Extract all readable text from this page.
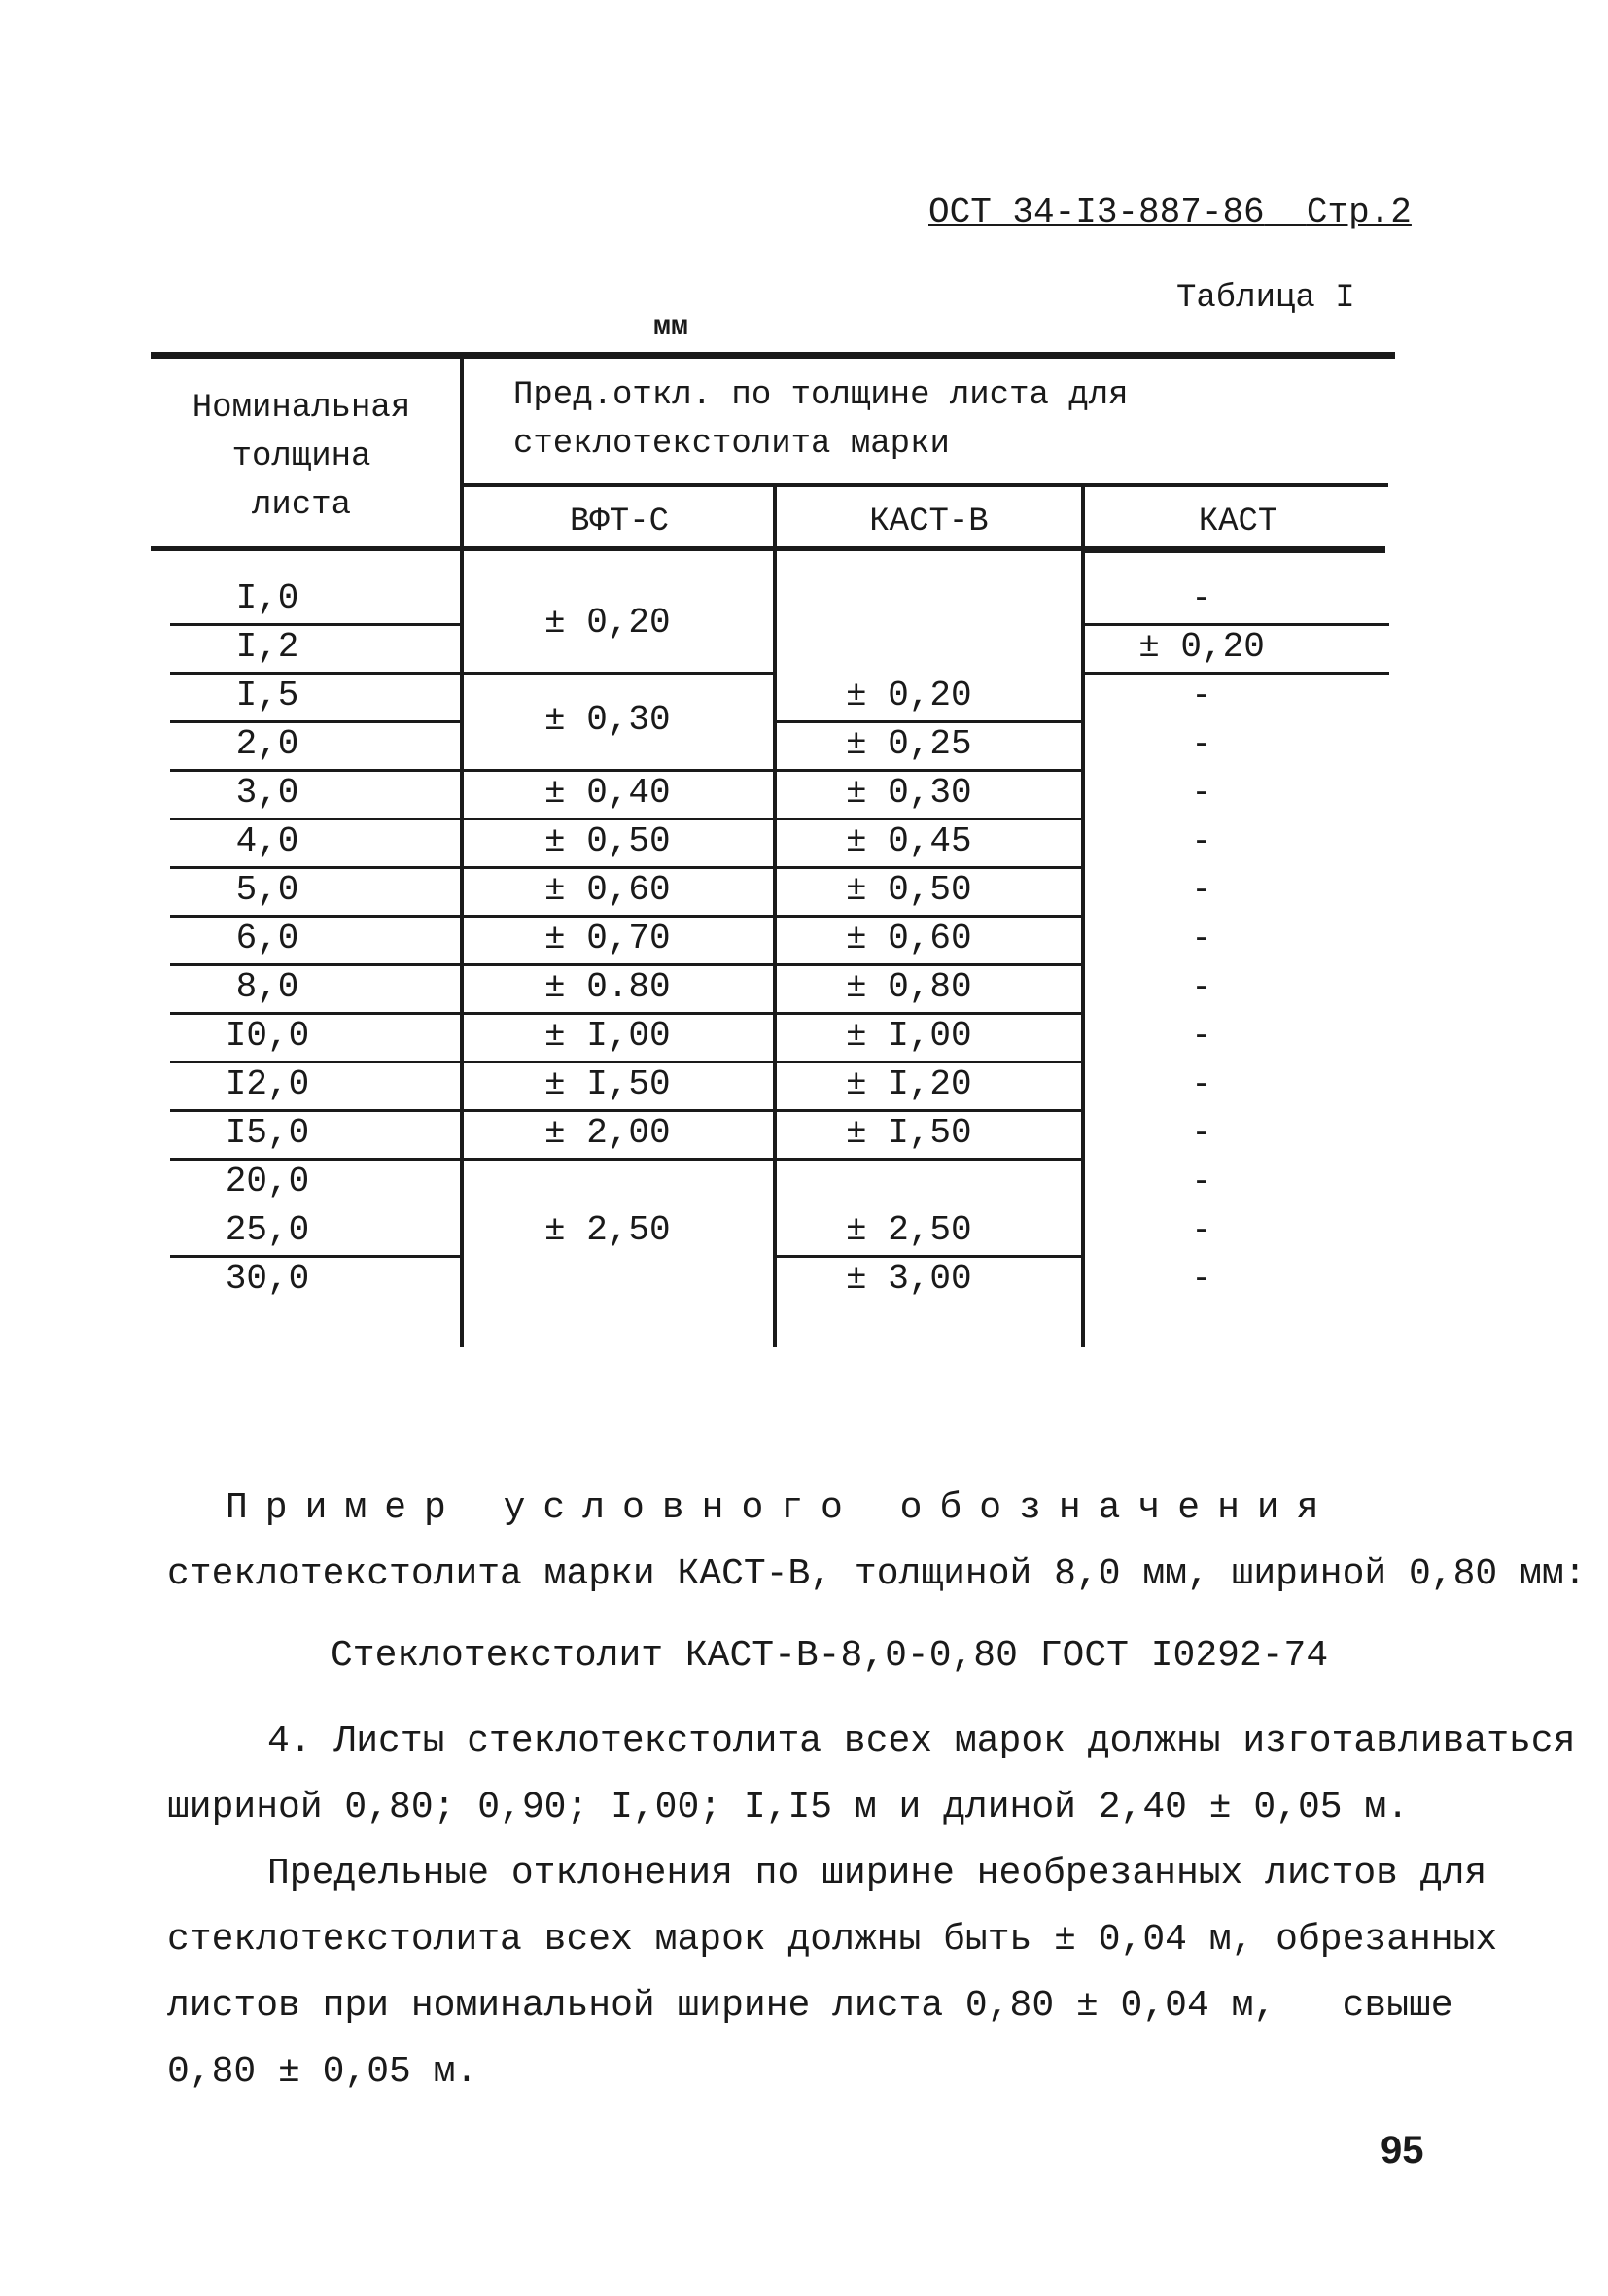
ОСТ 34-I3-887-86 Стр.2
Таблица I
мм
Номинальная
толщина
листа
Пред.откл. по толщине листа для
стеклотекстолита марки
ВФТ-С	КАСТ-В	КАСТ
I,0
I,2
I,5
2,0
3,0
4,0
5,0
6,0
8,0
I0,0
I2,0
I5,0
20,0
25,0
30,0
± 0,20
± 0,30
± 0,40
± 0,50
± 0,60
± 0,70
± 0.80
± I,00
± I,50
± 2,00
± 2,50
± 0,20
± 0,25
± 0,30
± 0,45
± 0,50
± 0,60
± 0,80
± I,00
± I,20
± I,50
± 2,50
± 3,00
-
± 0,20
-
-
-
-
-
-
-
-
-
-
-
-
-
Пример условного обозначения
стеклотекстолита марки КАСТ-В, толщиной 8,0 мм, шириной 0,80 мм:
Стеклотекстолит КАСТ-В-8,0-0,80 ГОСТ I0292-74
4. Листы стеклотекстолита всех марок должны изготавливаться
шириной 0,80; 0,90; I,00; I,I5 м и длиной 2,40 ± 0,05 м.
Предельные отклонения по ширине необрезанных листов для
стеклотекстолита всех марок должны быть ± 0,04 м, обрезанных
листов при номинальной ширине листа 0,80 ± 0,04 м,   свыше
0,80 ± 0,05 м.
95
